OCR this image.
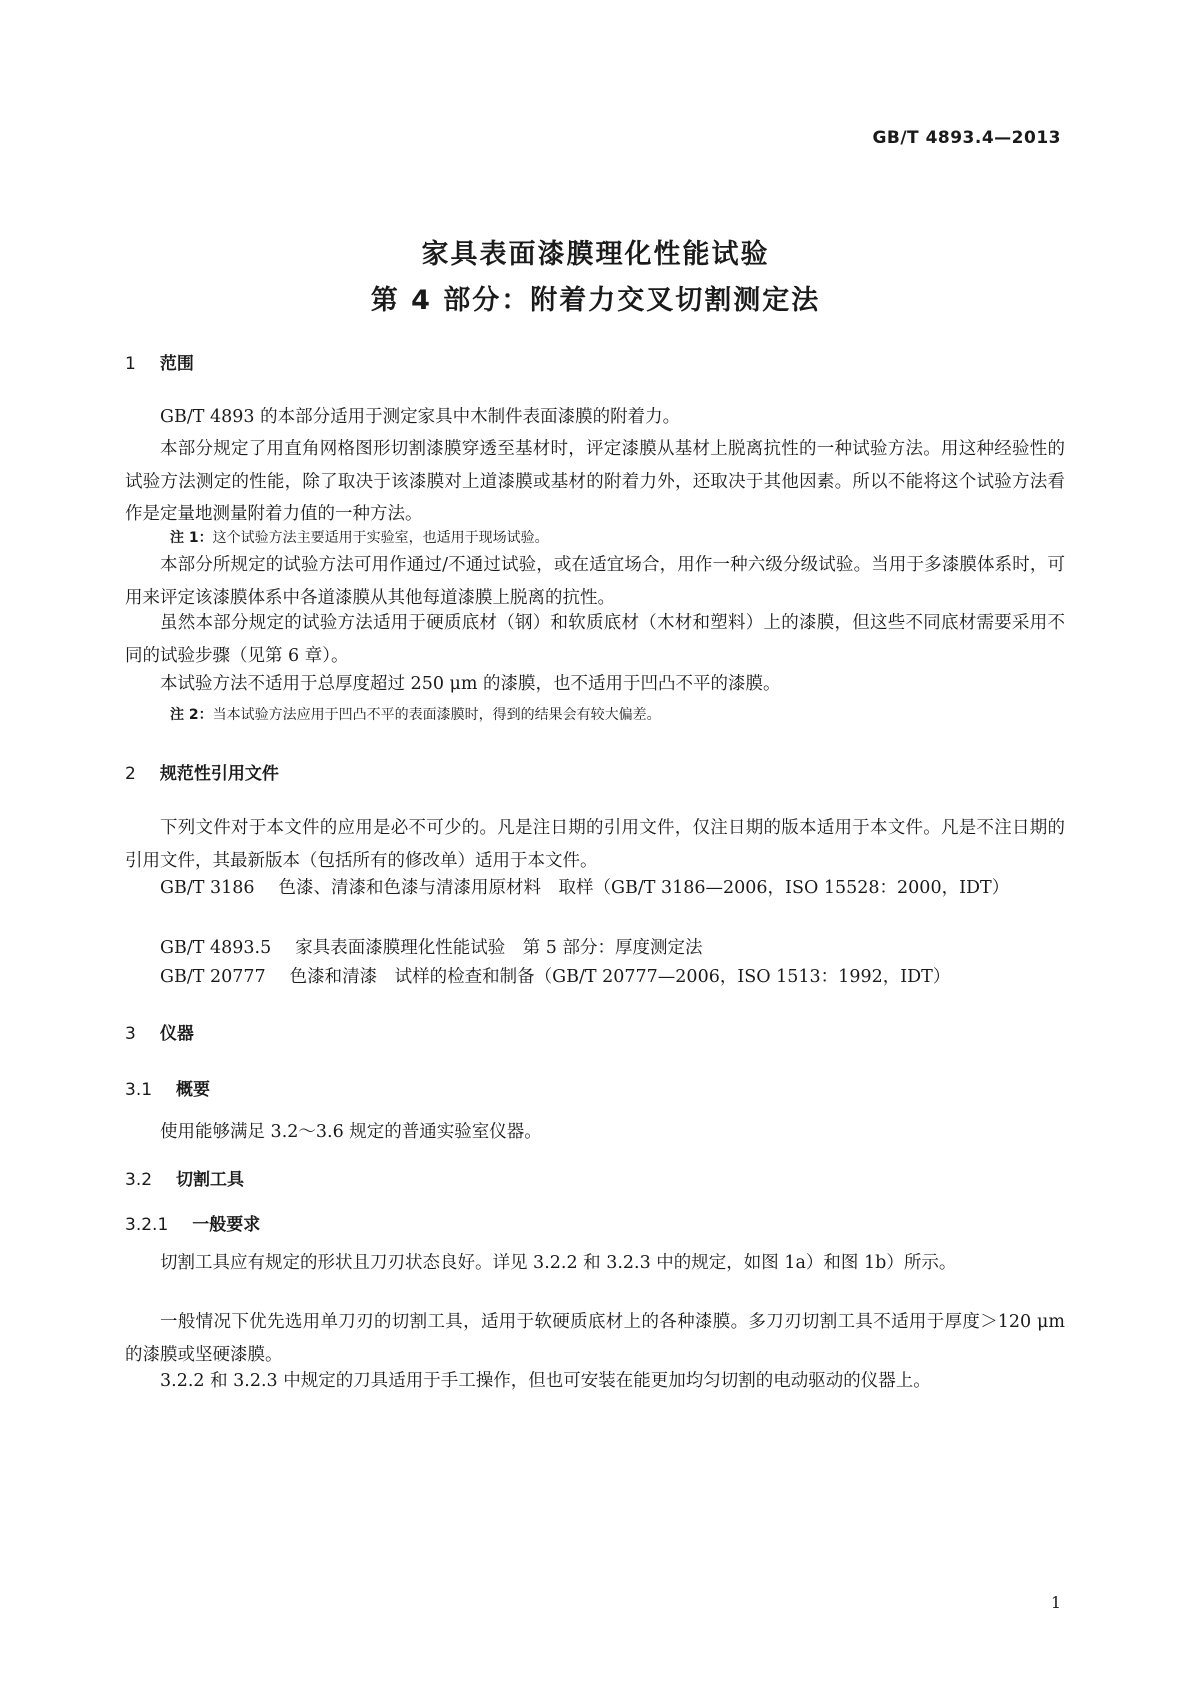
GB/T 4893.4—2013
家具表面漆膜理化性能试验
第 4 部分：附着力交叉切割测定法
1 范围
GB/T 4893 的本部分适用于测定家具中木制件表面漆膜的附着力。
本部分规定了用直角网格图形切割漆膜穿透至基材时，评定漆膜从基材上脱离抗性的一种试验方法。用这种经验性的试验方法测定的性能，除了取决于该漆膜对上道漆膜或基材的附着力外，还取决于其他因素。所以不能将这个试验方法看作是定量地测量附着力值的一种方法。
注 1：这个试验方法主要适用于实验室，也适用于现场试验。
本部分所规定的试验方法可用作通过/不通过试验，或在适宜场合，用作一种六级分级试验。当用于多漆膜体系时，可用来评定该漆膜体系中各道漆膜从其他每道漆膜上脱离的抗性。
虽然本部分规定的试验方法适用于硬质底材（钢）和软质底材（木材和塑料）上的漆膜，但这些不同底材需要采用不同的试验步骤（见第 6 章）。
本试验方法不适用于总厚度超过 250 μm 的漆膜，也不适用于凹凸不平的漆膜。
注 2：当本试验方法应用于凹凸不平的表面漆膜时，得到的结果会有较大偏差。
2 规范性引用文件
下列文件对于本文件的应用是必不可少的。凡是注日期的引用文件，仅注日期的版本适用于本文件。凡是不注日期的引用文件，其最新版本（包括所有的修改单）适用于本文件。
GB/T 3186 色漆、清漆和色漆与清漆用原材料　取样（GB/T 3186—2006，ISO 15528：2000，IDT）
GB/T 4893.5 家具表面漆膜理化性能试验　第 5 部分：厚度测定法
GB/T 20777 色漆和清漆　试样的检查和制备（GB/T 20777—2006，ISO 1513：1992，IDT）
3 仪器
3.1 概要
使用能够满足 3.2～3.6 规定的普通实验室仪器。
3.2 切割工具
3.2.1 一般要求
切割工具应有规定的形状且刀刃状态良好。详见 3.2.2 和 3.2.3 中的规定，如图 1a）和图 1b）所示。
一般情况下优先选用单刀刃的切割工具，适用于软硬质底材上的各种漆膜。多刀刃切割工具不适用于厚度＞120 μm 的漆膜或坚硬漆膜。
3.2.2 和 3.2.3 中规定的刀具适用于手工操作，但也可安装在能更加均匀切割的电动驱动的仪器上。
1
